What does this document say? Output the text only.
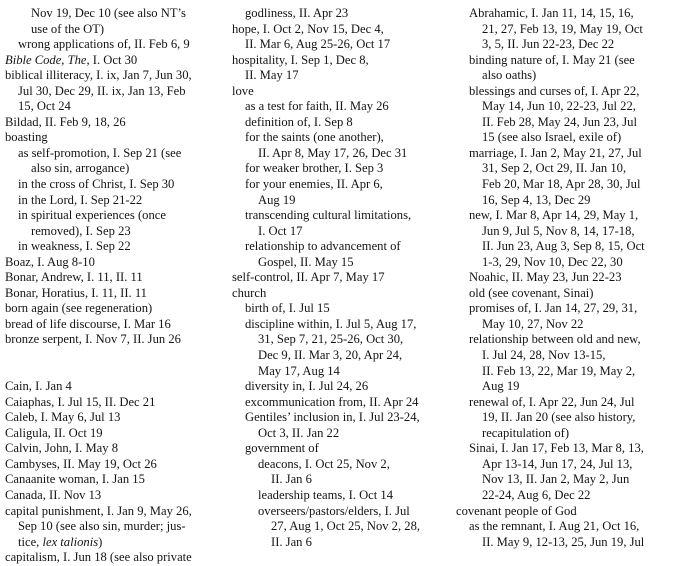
Nov 19, Dec 10 (see also NT’s
use of the OT)
wrong applications of, II. Feb 6, 9
Bible Code, The, I. Oct 30
biblical illiteracy, I. ix, Jan 7, Jun 30,
Jul 30, Dec 29, II. ix, Jan 13, Feb
15, Oct 24
Bildad, II. Feb 9, 18, 26
boasting
as self-promotion, I. Sep 21 (see
also sin, arrogance)
in the cross of Christ, I. Sep 30
in the Lord, I. Sep 21-22
in spiritual experiences (once
removed), I. Sep 23
in weakness, I. Sep 22
Boaz, I. Aug 8-10
Bonar, Andrew, I. 11, II. 11
Bonar, Horatius, I. 11, II. 11
born again (see regeneration)
bread of life discourse, I. Mar 16
bronze serpent, I. Nov 7, II. Jun 26
Cain, I. Jan 4
Caiaphas, I. Jul 15, II. Dec 21
Caleb, I. May 6, Jul 13
Caligula, II. Oct 19
Calvin, John, I. May 8
Cambyses, II. May 19, Oct 26
Canaanite woman, I. Jan 15
Canada, II. Nov 13
capital punishment, I. Jan 9, May 26,
Sep 10 (see also sin, murder; jus-
tice, lex talionis)
capitalism, I. Jun 18 (see also private
godliness, II. Apr 23
hope, I. Oct 2, Nov 15, Dec 4,
II. Mar 6, Aug 25-26, Oct 17
hospitality, I. Sep 1, Dec 8,
II. May 17
love
as a test for faith, II. May 26
definition of, I. Sep 8
for the saints (one another),
II. Apr 8, May 17, 26, Dec 31
for weaker brother, I. Sep 3
for your enemies, II. Apr 6,
Aug 19
transcending cultural limitations,
I. Oct 17
relationship to advancement of
Gospel, II. May 15
self-control, II. Apr 7, May 17
church
birth of, I. Jul 15
discipline within, I. Jul 5, Aug 17,
31, Sep 7, 21, 25-26, Oct 30,
Dec 9, II. Mar 3, 20, Apr 24,
May 17, Aug 14
diversity in, I. Jul 24, 26
excommunication from, II. Apr 24
Gentiles’ inclusion in, I. Jul 23-24,
Oct 3, II. Jan 22
government of
deacons, I. Oct 25, Nov 2,
II. Jan 6
leadership teams, I. Oct 14
overseers/pastors/elders, I. Jul
27, Aug 1, Oct 25, Nov 2, 28,
II. Jan 6
Abrahamic, I. Jan 11, 14, 15, 16,
21, 27, Feb 13, 19, May 19, Oct
3, 5, II. Jun 22-23, Dec 22
binding nature of, I. May 21 (see
also oaths)
blessings and curses of, I. Apr 22,
May 14, Jun 10, 22-23, Jul 22,
II. Feb 28, May 24, Jun 23, Jul
15 (see also Israel, exile of)
marriage, I. Jan 2, May 21, 27, Jul
31, Sep 2, Oct 29, II. Jan 10,
Feb 20, Mar 18, Apr 28, 30, Jul
16, Sep 4, 13, Dec 29
new, I. Mar 8, Apr 14, 29, May 1,
Jun 9, Jul 5, Nov 8, 14, 17-18,
II. Jun 23, Aug 3, Sep 8, 15, Oct
1-3, 29, Nov 10, Dec 22, 30
Noahic, II. May 23, Jun 22-23
old (see covenant, Sinai)
promises of, I. Jan 14, 27, 29, 31,
May 10, 27, Nov 22
relationship between old and new,
I. Jul 24, 28, Nov 13-15,
II. Feb 13, 22, Mar 19, May 2,
Aug 19
renewal of, I. Apr 22, Jun 24, Jul
19, II. Jan 20 (see also history,
recapitulation of)
Sinai, I. Jan 17, Feb 13, Mar 8, 13,
Apr 13-14, Jun 17, 24, Jul 13,
Nov 13, II. Jan 2, May 2, Jun
22-24, Aug 6, Dec 22
covenant people of God
as the remnant, I. Aug 21, Oct 16,
II. May 9, 12-13, 25, Jun 19, Jul
